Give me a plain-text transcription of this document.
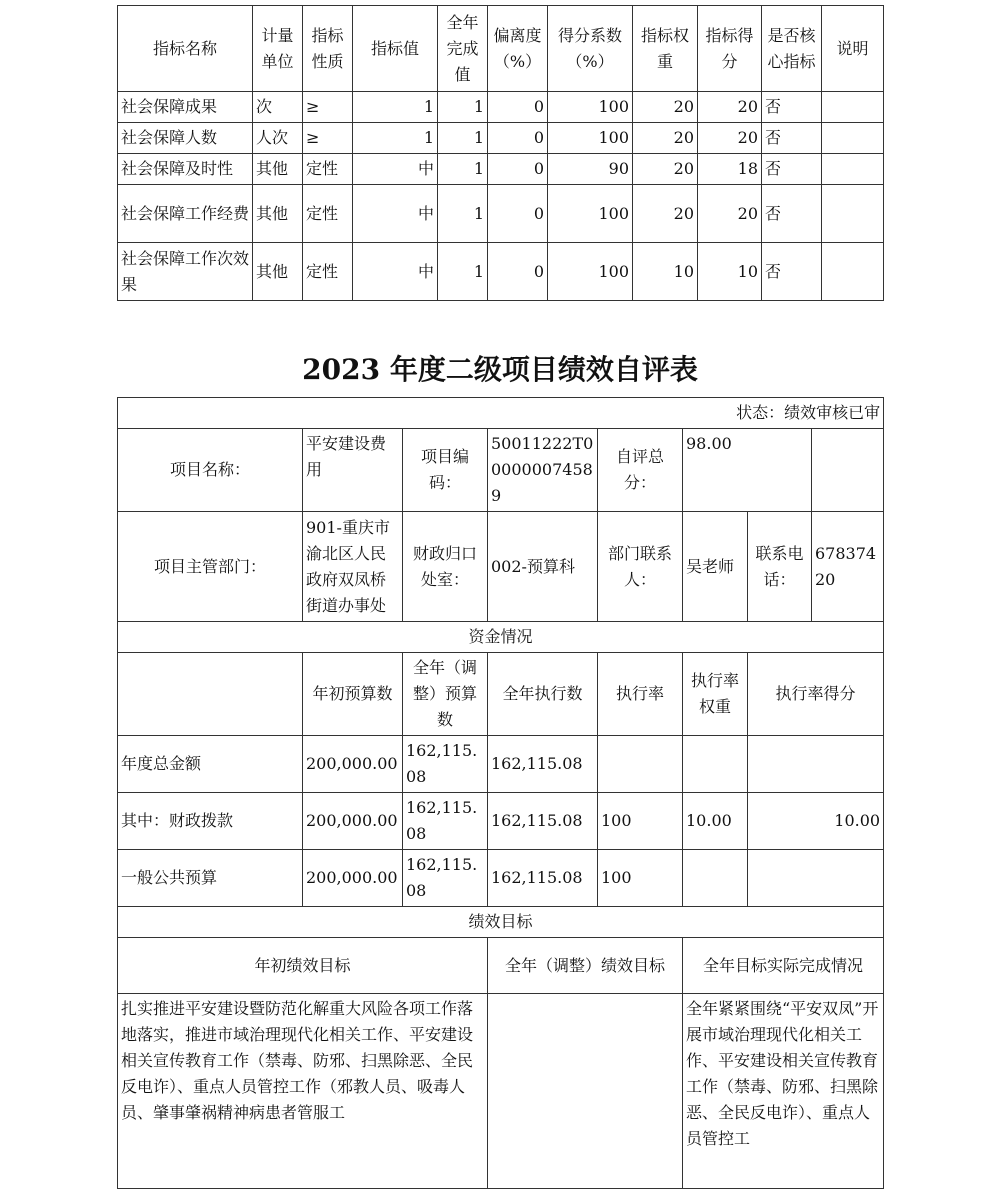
指标名称	计量单位	指标性质	指标值	全年完成值	偏离度（%）	得分系数（%）	指标权重	指标得分	是否核心指标	说明
社会保障成果	次	≥	1	1	0	100	20	20	否	
社会保障人数	人次	≥	1	1	0	100	20	20	否	
社会保障及时性	其他	定性	中	1	0	90	20	18	否	
社会保障工作经费	其他	定性	中	1	0	100	20	20	否	
社会保障工作次效果	其他	定性	中	1	0	100	10	10	否	
2023 年度二级项目绩效自评表
状态：绩效审核已审							
项目名称：	平安建设费用	项目编码：	50011222T000000074589	自评总分：	98.00		
项目主管部门：	901-重庆市渝北区人民政府双凤桥街道办事处	财政归口处室：	002-预算科	部门联系人：	吴老师	联系电话：	67837420
资金情况							
	年初预算数	全年（调整）预算数	全年执行数	执行率	执行率权重	执行率得分	
年度总金额	200,000.00	162,115.08	162,115.08				
其中：财政拨款	200,000.00	162,115.08	162,115.08	100	10.00	10.00	
一般公共预算	200,000.00	162,115.08	162,115.08	100			
绩效目标							
年初绩效目标			全年（调整）绩效目标		全年目标实际完成情况		
扎实推进平安建设暨防范化解重大风险各项工作落地落实，推进市域治理现代化相关工作、平安建设相关宣传教育工作（禁毒、防邪、扫黑除恶、全民反电诈）、重点人员管控工作（邪教人员、吸毒人员、肇事肇祸精神病患者管服工					全年紧紧围绕“平安双凤”开展市域治理现代化相关工作、平安建设相关宣传教育工作（禁毒、防邪、扫黑除恶、全民反电诈）、重点人员管控工		
